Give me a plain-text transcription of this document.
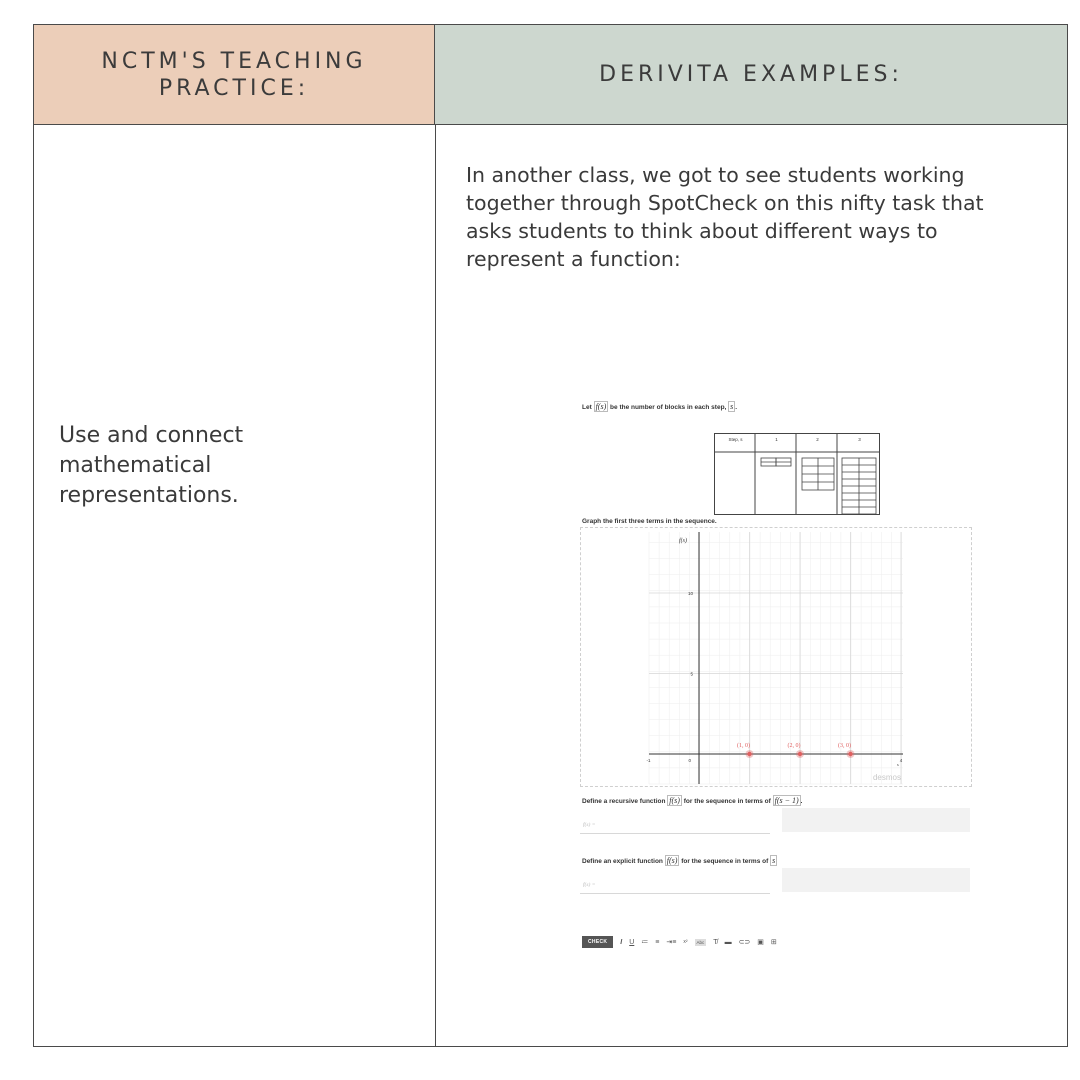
NCTM'S TEACHING
PRACTICE:
DERIVITA EXAMPLES:
Use and connect mathematical representations.
In another class, we got to see students working together through SpotCheck on this nifty task that asks students to think about different ways to represent a function:
Let f(s) be the number of blocks in each step, s .
Step, s	1	2	3
Graph the first three terms in the sequence.
f(s)
10
5
0
-1	4
s
(1, 0)	(2, 0)	(3, 0)
desmos
Define a recursive function f(s) for the sequence in terms of f(s − 1) .
f(s) =
Define an explicit function f(s) for the sequence in terms of s
f(s) =
CHECK	I U ≔ ≡ ⇥≡ x²	Abc T̸ ▬ ⊂⊃ ▣ ⊞
